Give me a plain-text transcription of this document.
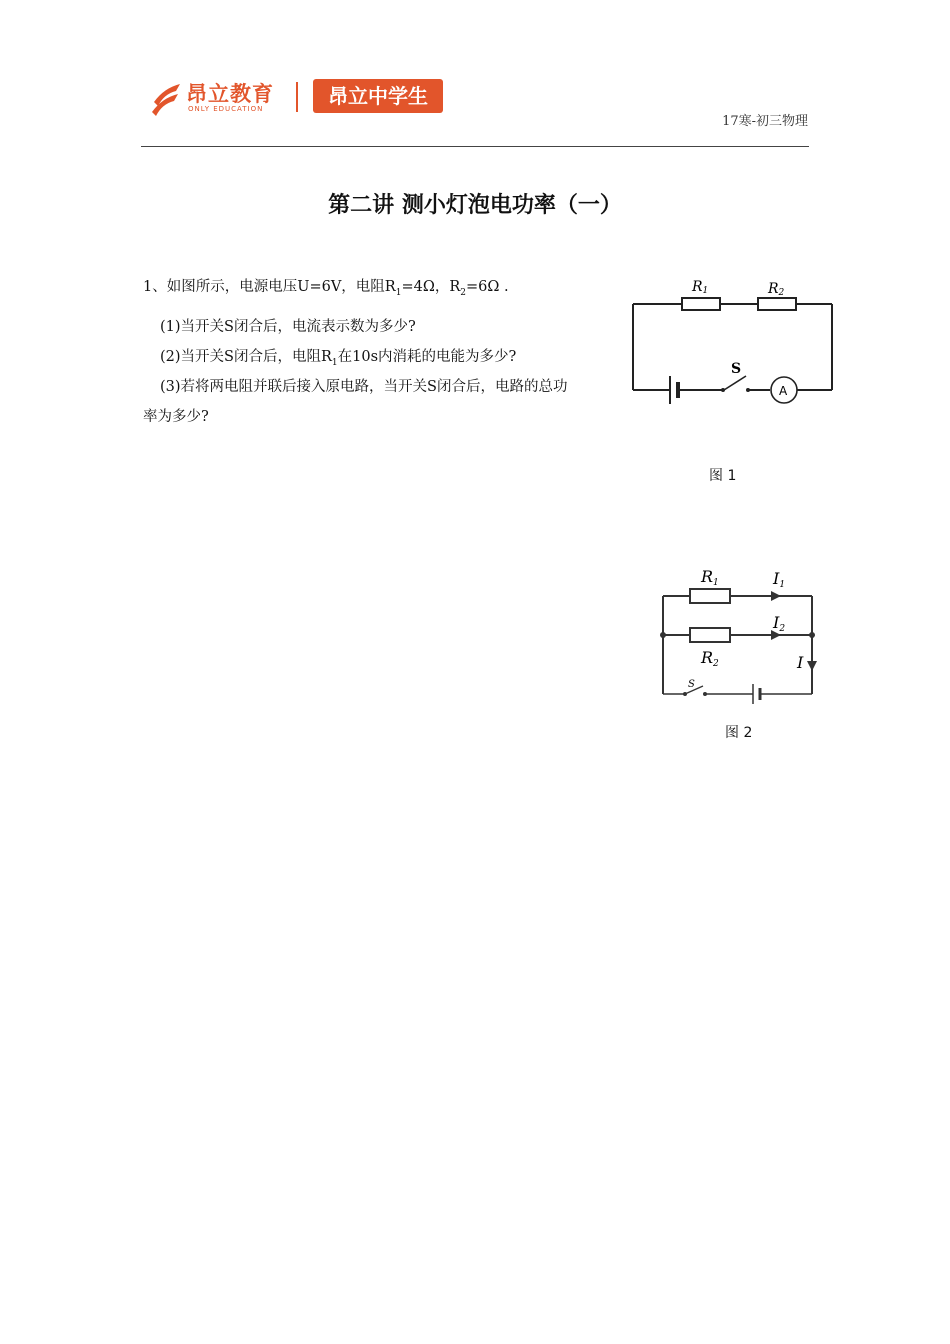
昂立教育
ONLY EDUCATION
昂立中学生
17寒-初三物理
第二讲 测小灯泡电功率（一）
1、如图所示，电源电压U=6V，电阻$R_1=4\Omega$，$R_2=6\Omega$ .
(1)当开关S闭合后，电流表示数为多少?
(2)当开关S闭合后，电阻$R_1$在10s内消耗的电能为多少?
(3)若将两电阻并联后接入原电路，当开关S闭合后，电路的总功
率为多少?
R1	R2
S
A
图 1
R1
R2
I1
I2
I
S
图 2
